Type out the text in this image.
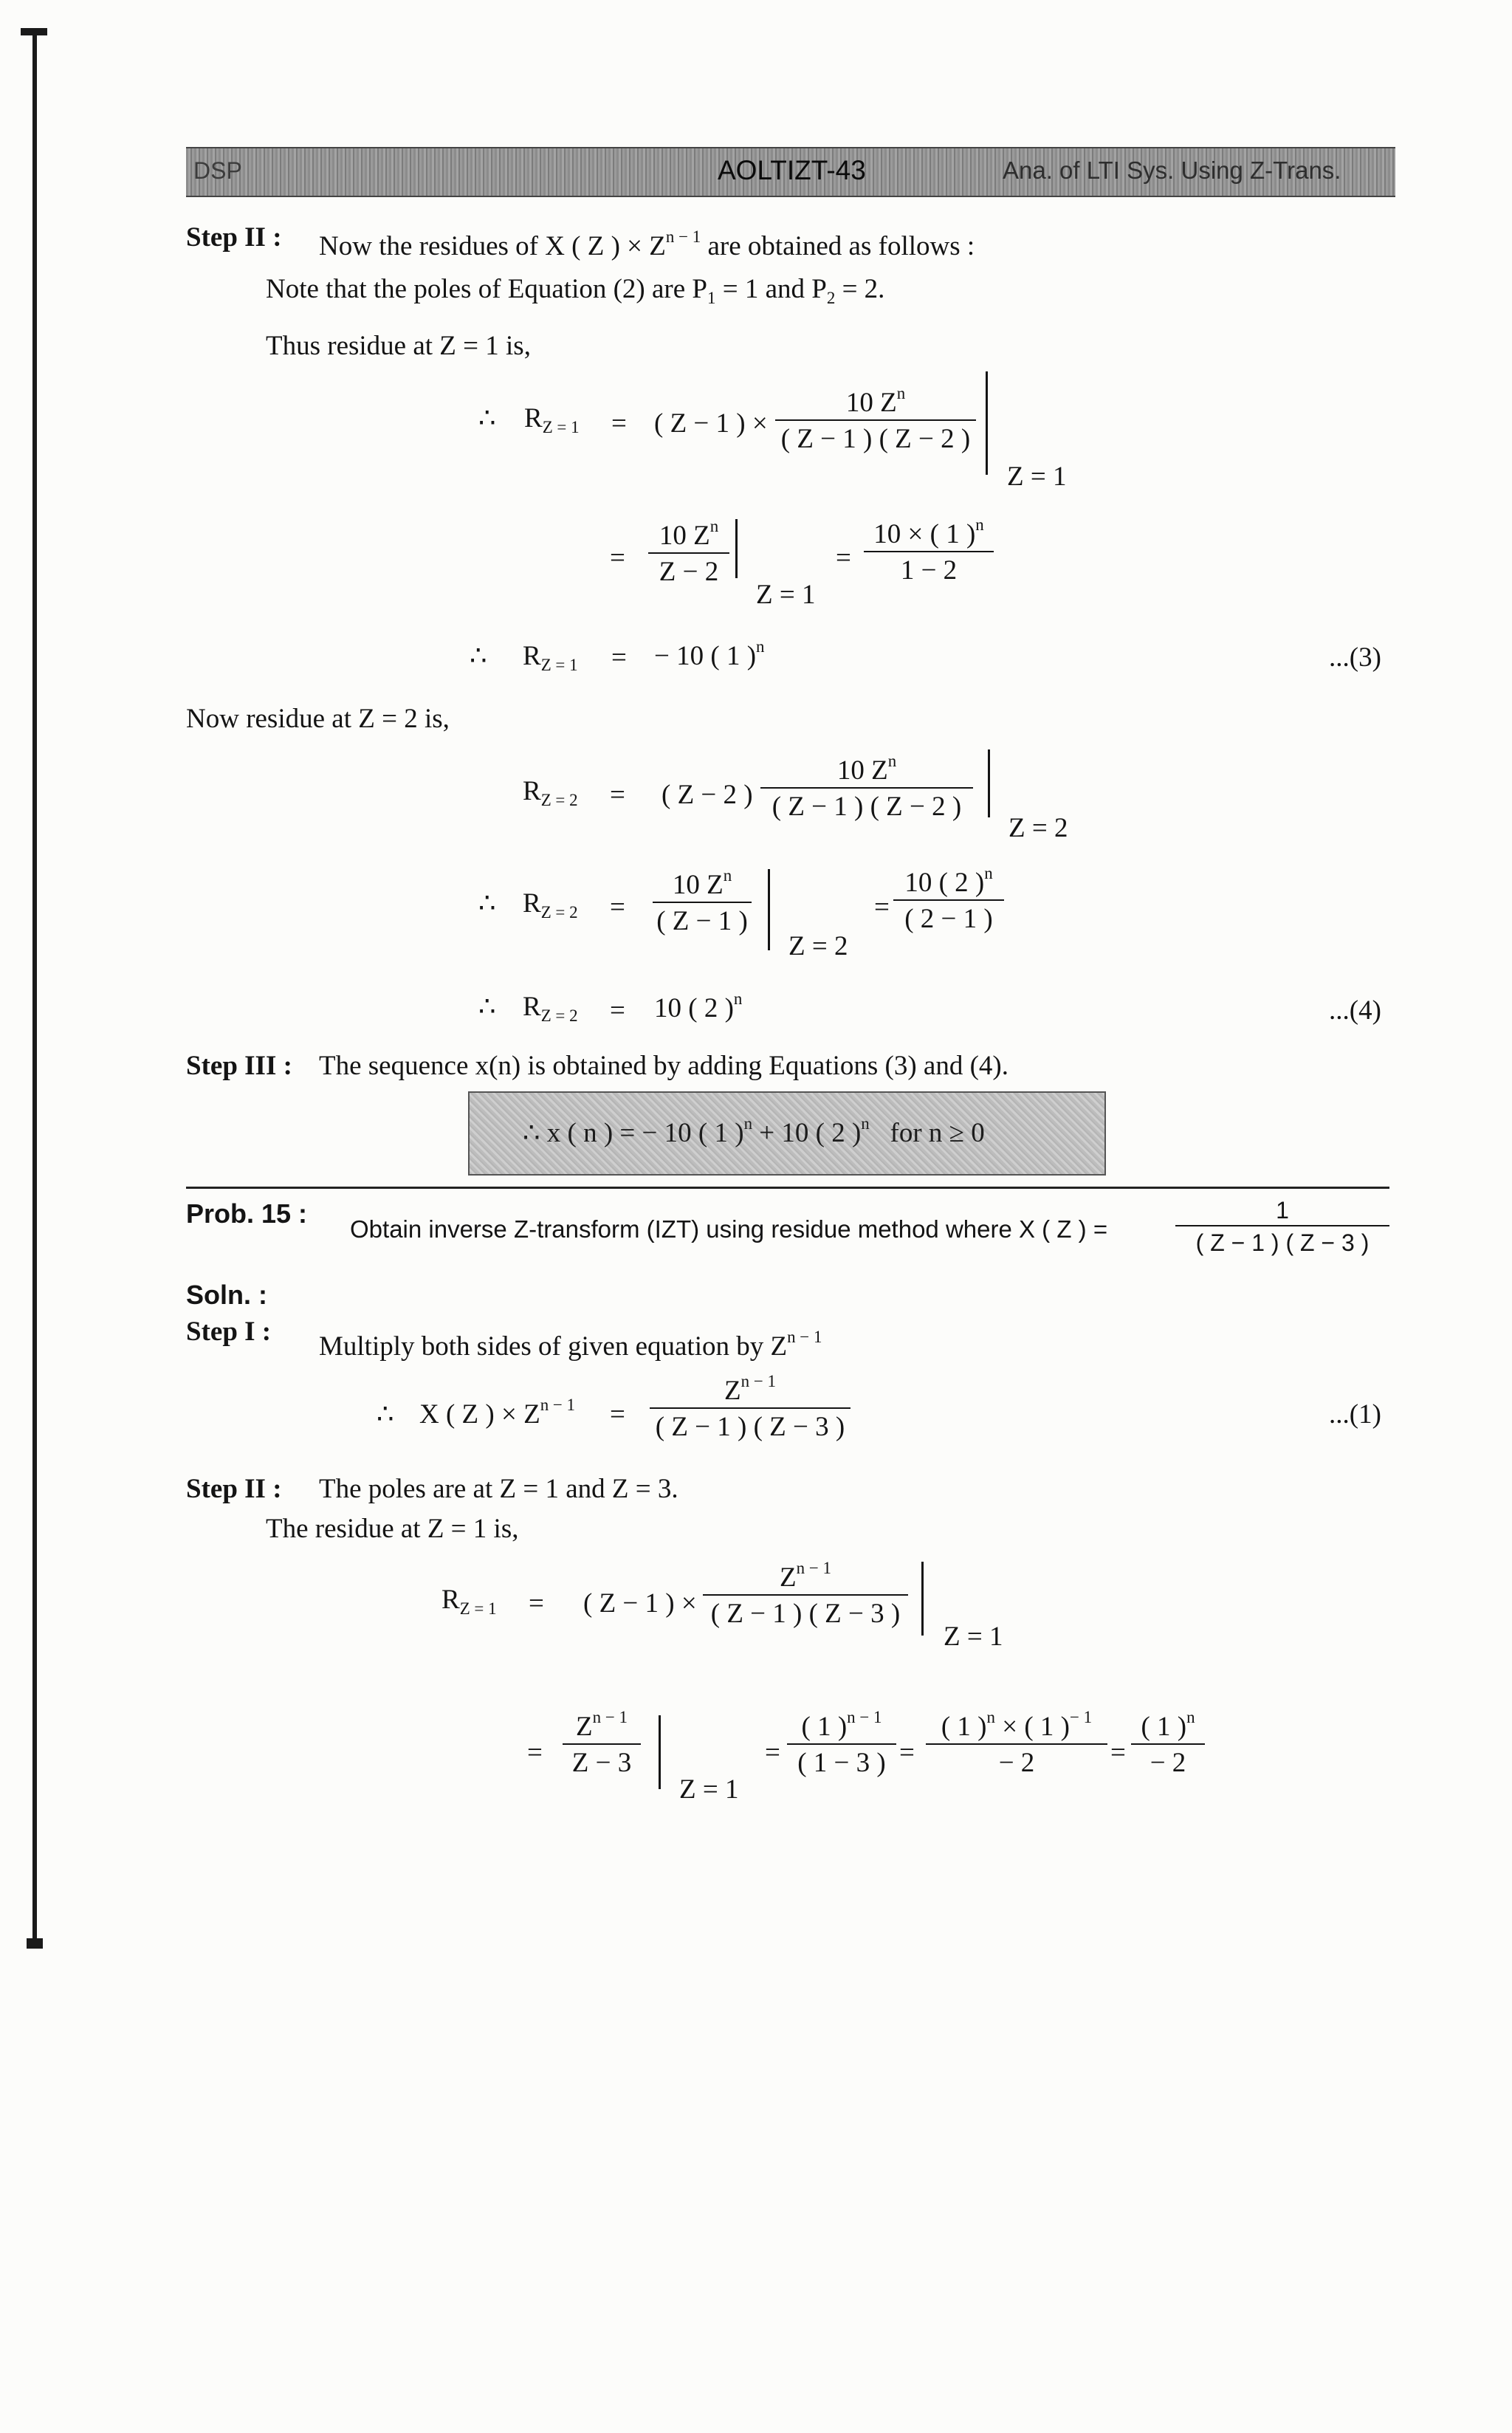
DSP	AOLTIZT-43	Ana. of LTI Sys. Using Z-Trans.
Step II : Now the residues of X ( Z ) × $Z^{n - 1}$ are obtained as follows :
Note that the poles of Equation (2) are $P_1 = 1$ and $P_2 = 2$.
Thus residue at Z = 1 is,
∴ $R_{Z = 1}$ = ( Z − 1 ) ×
10 $Z^n$
( Z − 1 ) ( Z − 2 )
Z = 1
=
10 $Z^n$
Z − 2
Z = 1
=
10 × ( 1 )$^n$
1 − 2
∴ $R_{Z = 1}$ = − 10 ( 1 )$^n$	...(3)
Now residue at Z = 2 is,
$R_{Z = 2}$ = ( Z − 2 )
10 $Z^n$
( Z − 1 ) ( Z − 2 )
Z = 2
∴ $R_{Z = 2}$ =
10 $Z^n$
( Z − 1 )
Z = 2
=
10 ( 2 )$^n$
( 2 − 1 )
∴ $R_{Z = 2} = 10$ ( 2 )$^n$	...(4)
Step III : The sequence x(n) is obtained by adding Equations (3) and (4).
∴ x ( n ) = − 10 ( 1 )$^n$ + 10 ( 2 )$^n$ for n ≥ 0
Prob. 15 :
Obtain inverse Z-transform (IZT) using residue method where X ( Z ) =
1
( Z − 1 ) ( Z − 3 )
Soln. :
Step I : Multiply both sides of given equation by $Z^{n - 1}$
∴ X ( Z ) × $Z^{n - 1}$ =
$Z^{n - 1}$
( Z − 1 ) ( Z − 3 )	...(1)
Step II : The poles are at Z = 1 and Z = 3.
The residue at Z = 1 is,
$R_{Z = 1}$ = ( Z − 1 ) ×
$Z^{n - 1}$
( Z − 1 ) ( Z − 3 )
Z = 1
=
$Z^{n - 1}$
Z − 3
Z = 1
=
( 1 )$^{n - 1}$
( 1 − 3 ) =
( 1 )$^n$ × ( 1 )$^{- 1}$
− 2	=
( 1 )$^n$
− 2
